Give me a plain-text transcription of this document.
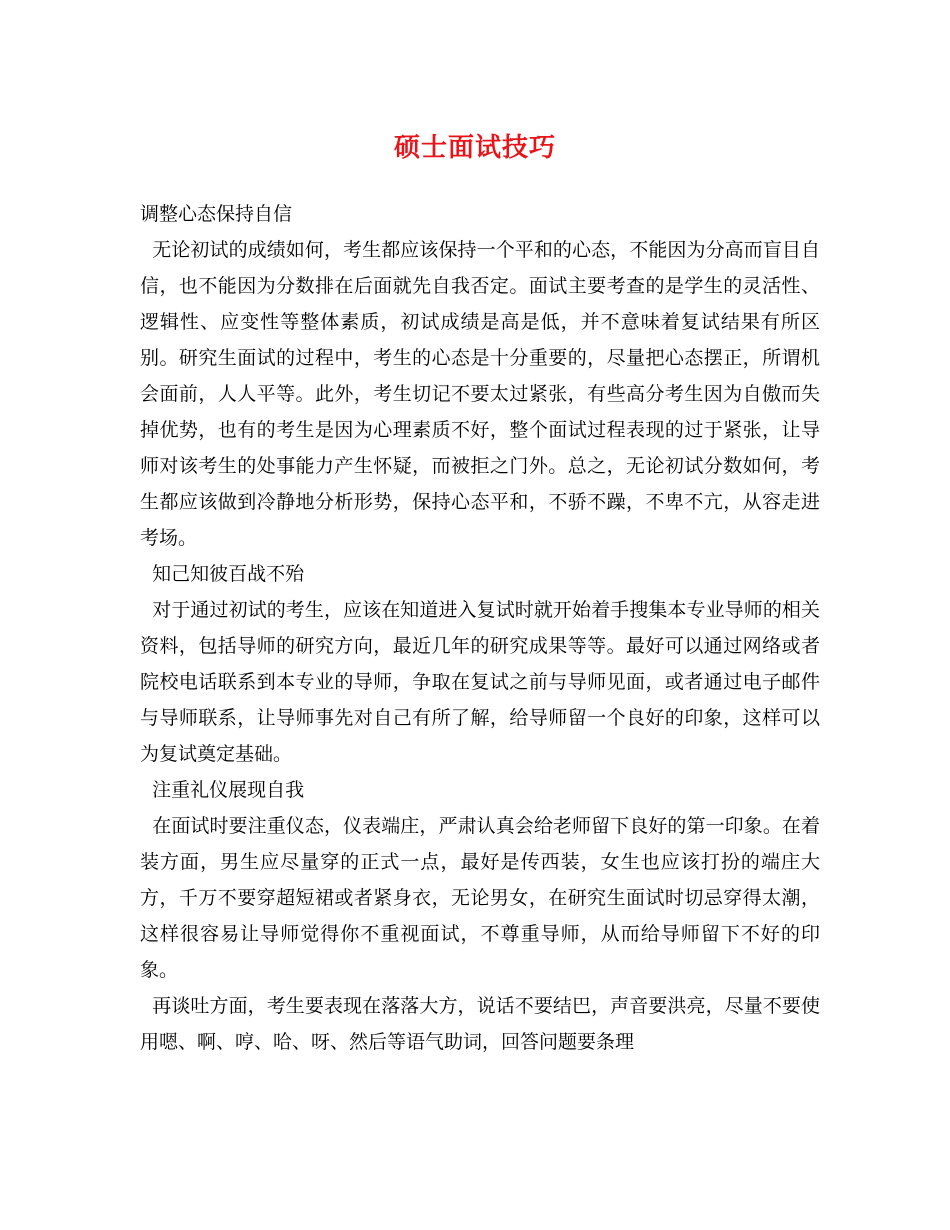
硕士面试技巧

调整心态保持自信

无论初试的成绩如何，考生都应该保持一个平和的心态，不能因为分高而盲目自信，也不能因为分数排在后面就先自我否定。面试主要考查的是学生的灵活性、逻辑性、应变性等整体素质，初试成绩是高是低，并不意味着复试结果有所区别。研究生面试的过程中，考生的心态是十分重要的，尽量把心态摆正，所谓机会面前，人人平等。此外，考生切记不要太过紧张，有些高分考生因为自傲而失掉优势，也有的考生是因为心理素质不好，整个面试过程表现的过于紧张，让导师对该考生的处事能力产生怀疑，而被拒之门外。总之，无论初试分数如何，考生都应该做到冷静地分析形势，保持心态平和，不骄不躁，不卑不亢，从容走进考场。

知己知彼百战不殆

对于通过初试的考生，应该在知道进入复试时就开始着手搜集本专业导师的相关资料，包括导师的研究方向，最近几年的研究成果等等。最好可以通过网络或者院校电话联系到本专业的导师，争取在复试之前与导师见面，或者通过电子邮件与导师联系，让导师事先对自己有所了解，给导师留一个良好的印象，这样可以为复试奠定基础。

注重礼仪展现自我

在面试时要注重仪态，仪表端庄，严肃认真会给老师留下良好的第一印象。在着装方面，男生应尽量穿的正式一点，最好是传西装，女生也应该打扮的端庄大方，千万不要穿超短裙或者紧身衣，无论男女，在研究生面试时切忌穿得太潮，这样很容易让导师觉得你不重视面试，不尊重导师，从而给导师留下不好的印象。

再谈吐方面，考生要表现在落落大方，说话不要结巴，声音要洪亮，尽量不要使用嗯、啊、哼、哈、呀、然后等语气助词，回答问题要条理
